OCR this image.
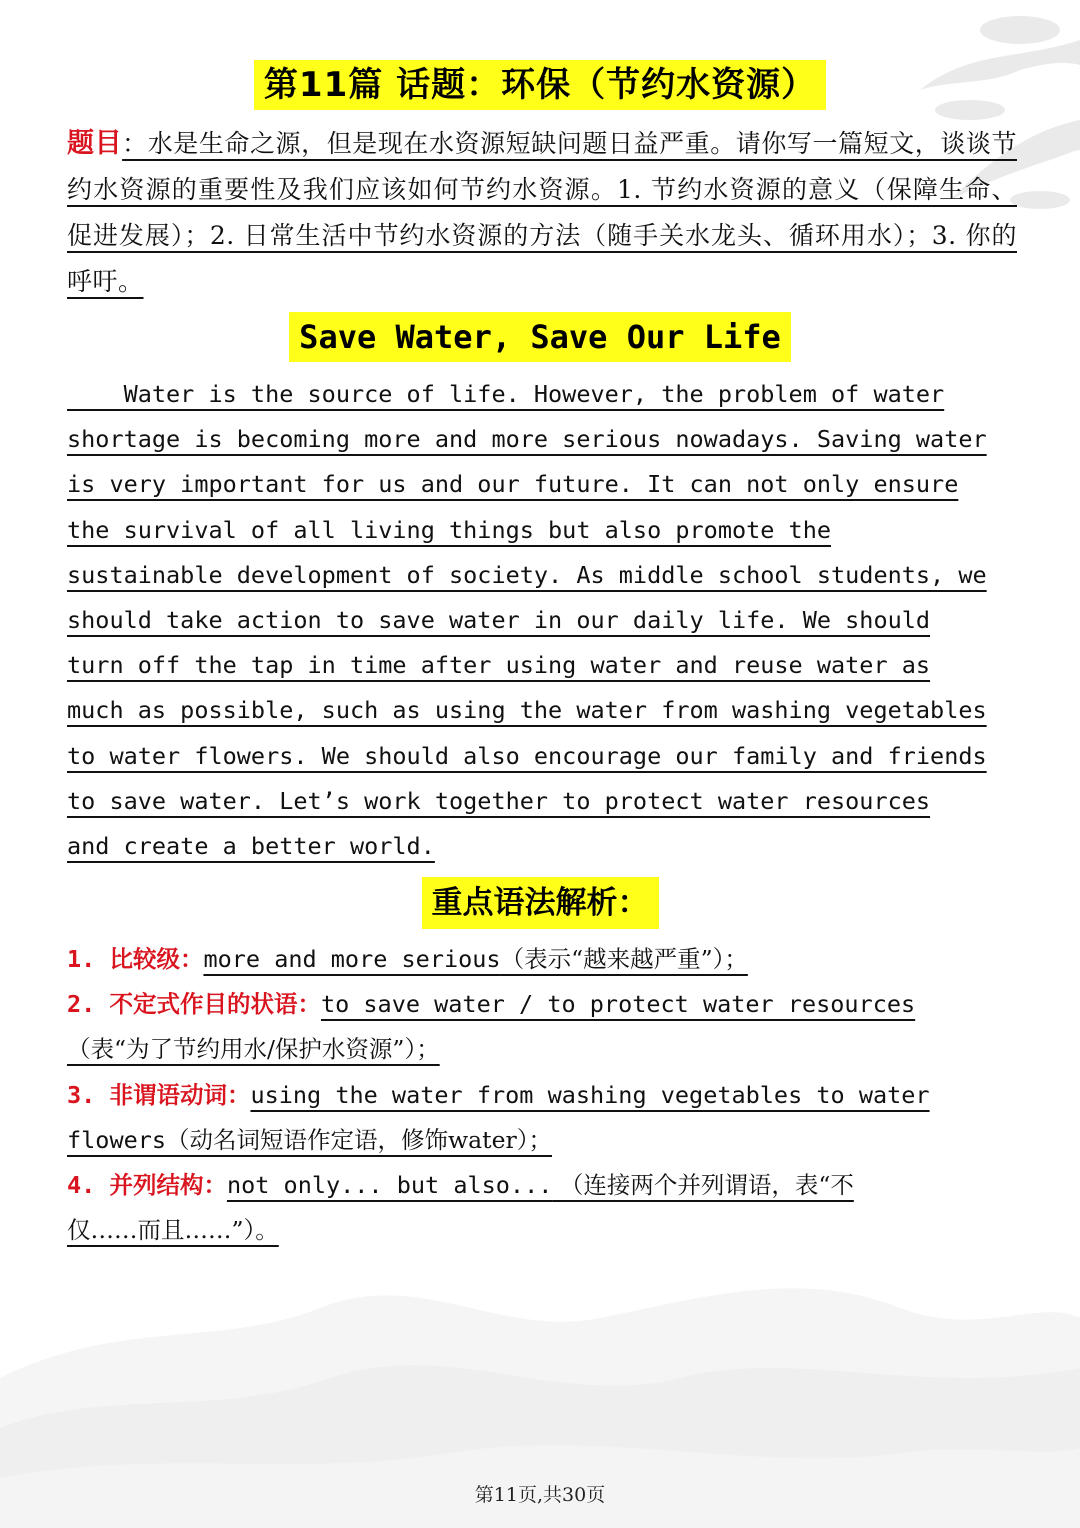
第11篇 话题：环保（节约水资源）
题目：水是生命之源，但是现在水资源短缺问题日益严重。请你写一篇短文，谈谈节约水资源的重要性及我们应该如何节约水资源。1. 节约水资源的意义（保障生命、促进发展）；2. 日常生活中节约水资源的方法（随手关水龙头、循环用水）；3. 你的呼吁。
Save Water, Save Our Life
Water is the source of life. However, the problem of water
shortage is becoming more and more serious nowadays. Saving water
is very important for us and our future. It can not only ensure
the survival of all living things but also promote the
sustainable development of society. As middle school students, we
should take action to save water in our daily life. We should
turn off the tap in time after using water and reuse water as
much as possible, such as using the water from washing vegetables
to water flowers. We should also encourage our family and friends
to save water. Let’s work together to protect water resources
and create a better world.
重点语法解析：
1. 比较级：more and more serious（表示“越来越严重”）；
2. 不定式作目的状语：to save water / to protect water resources
（表“为了节约用水/保护水资源”）；
3. 非谓语动词：using the water from washing vegetables to water
flowers（动名词短语作定语，修饰water）；
4. 并列结构：not only... but also... （连接两个并列谓语，表“不
仅……而且……”）。
第11页,共30页
